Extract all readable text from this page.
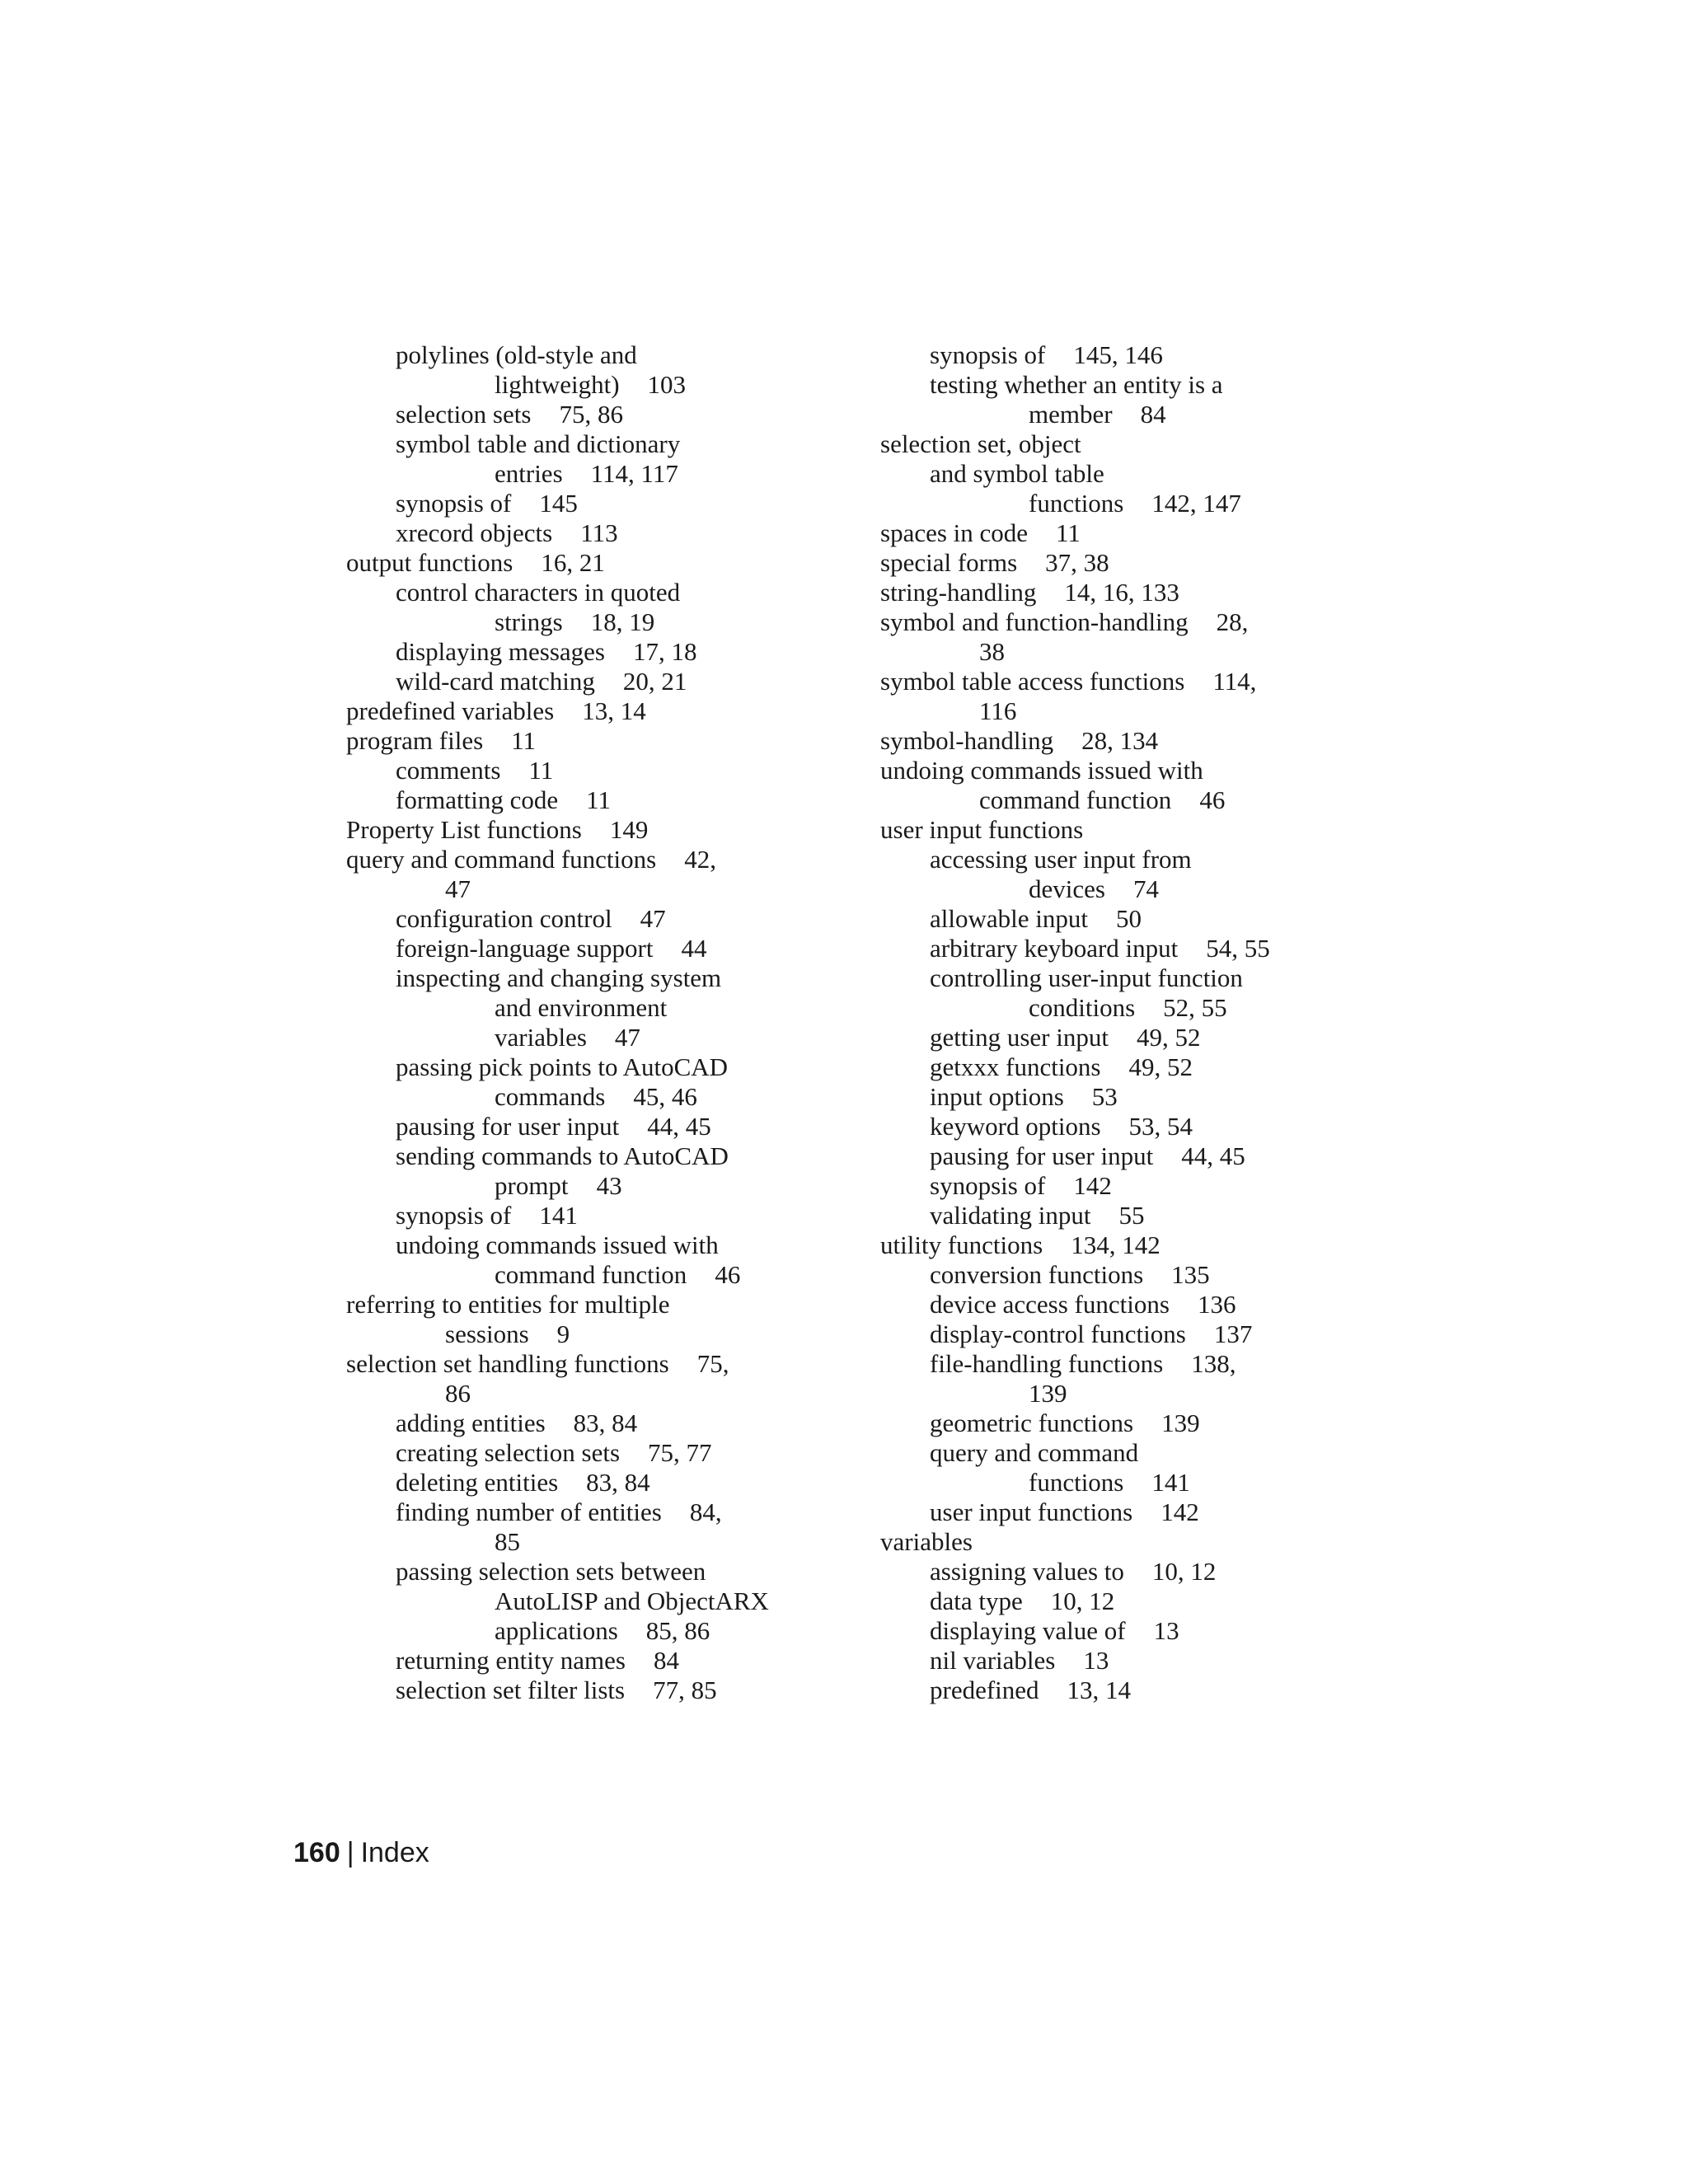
polylines (old-style and
lightweight) 103
selection sets 75, 86
symbol table and dictionary
entries 114, 117
synopsis of 145
xrecord objects 113
output functions 16, 21
control characters in quoted
strings 18, 19
displaying messages 17, 18
wild-card matching 20, 21
predefined variables 13, 14
program files 11
comments 11
formatting code 11
Property List functions 149
query and command functions 42,
47
configuration control 47
foreign-language support 44
inspecting and changing system
and environment
variables 47
passing pick points to AutoCAD
commands 45, 46
pausing for user input 44, 45
sending commands to AutoCAD
prompt 43
synopsis of 141
undoing commands issued with
command function 46
referring to entities for multiple
sessions 9
selection set handling functions 75,
86
adding entities 83, 84
creating selection sets 75, 77
deleting entities 83, 84
finding number of entities 84,
85
passing selection sets between
AutoLISP and ObjectARX
applications 85, 86
returning entity names 84
selection set filter lists 77, 85
synopsis of 145, 146
testing whether an entity is a
member 84
selection set, object
and symbol table
functions 142, 147
spaces in code 11
special forms 37, 38
string-handling 14, 16, 133
symbol and function-handling 28,
38
symbol table access functions 114,
116
symbol-handling 28, 134
undoing commands issued with
command function 46
user input functions
accessing user input from
devices 74
allowable input 50
arbitrary keyboard input 54, 55
controlling user-input function
conditions 52, 55
getting user input 49, 52
getxxx functions 49, 52
input options 53
keyword options 53, 54
pausing for user input 44, 45
synopsis of 142
validating input 55
utility functions 134, 142
conversion functions 135
device access functions 136
display-control functions 137
file-handling functions 138,
139
geometric functions 139
query and command
functions 141
user input functions 142
variables
assigning values to 10, 12
data type 10, 12
displaying value of 13
nil variables 13
predefined 13, 14
160 | Index
